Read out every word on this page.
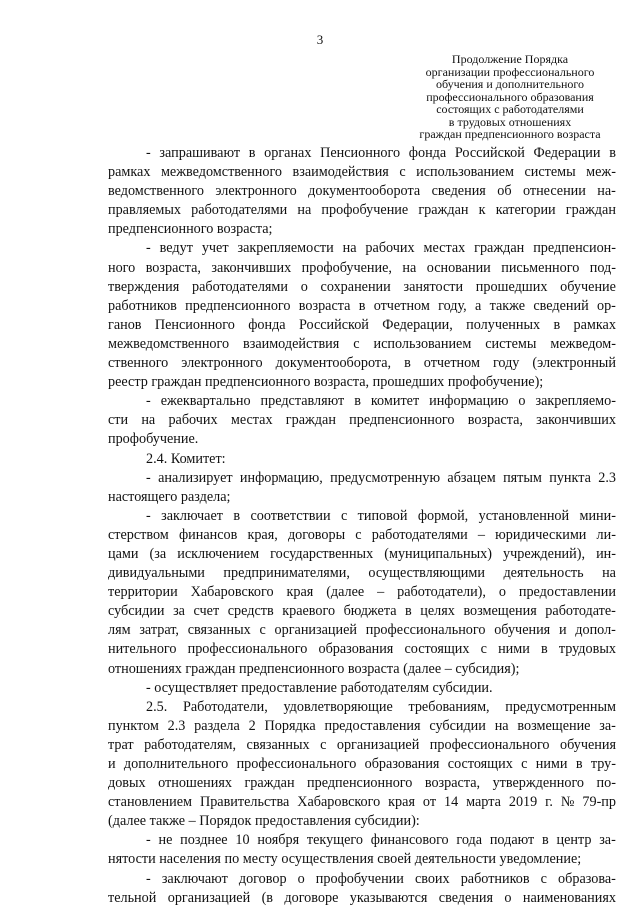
3
Продолжение Порядка
организации профессионального
обучения и дополнительного
профессионального образования
состоящих с работодателями
в трудовых отношениях
граждан предпенсионного возраста
- запрашивают в органах Пенсионного фонда Российской Федерации в
рамках межведомственного взаимодействия с использованием системы меж-
ведомственного электронного документооборота сведения об отнесении на-
правляемых работодателями на профобучение граждан к категории граждан
предпенсионного возраста;
- ведут учет закрепляемости на рабочих местах граждан предпенсион-
ного возраста, закончивших профобучение, на основании письменного под-
тверждения работодателями о сохранении занятости прошедших обучение
работников предпенсионного возраста в отчетном году, а также сведений ор-
ганов Пенсионного фонда Российской Федерации, полученных в рамках
межведомственного взаимодействия с использованием системы межведом-
ственного электронного документооборота, в отчетном году (электронный
реестр граждан предпенсионного возраста, прошедших профобучение);
- ежеквартально представляют в комитет информацию о закрепляемо-
сти на рабочих местах граждан предпенсионного возраста, закончивших
профобучение.
2.4. Комитет:
- анализирует информацию, предусмотренную абзацем пятым пункта 2.3
настоящего раздела;
- заключает в соответствии с типовой формой, установленной мини-
стерством финансов края, договоры с работодателями – юридическими ли-
цами (за исключением государственных (муниципальных) учреждений), ин-
дивидуальными предпринимателями, осуществляющими деятельность на
территории Хабаровского края (далее – работодатели), о предоставлении
субсидии за счет средств краевого бюджета в целях возмещения работодате-
лям затрат, связанных с организацией профессионального обучения и допол-
нительного профессионального образования состоящих с ними в трудовых
отношениях граждан предпенсионного возраста (далее – субсидия);
- осуществляет предоставление работодателям субсидии.
2.5. Работодатели, удовлетворяющие требованиям, предусмотренным
пунктом 2.3 раздела 2 Порядка предоставления субсидии на возмещение за-
трат работодателям, связанных с организацией профессионального обучения
и дополнительного профессионального образования состоящих с ними в тру-
довых отношениях граждан предпенсионного возраста, утвержденного по-
становлением Правительства Хабаровского края от 14 марта 2019 г. № 79-пр
(далее также – Порядок предоставления субсидии):
- не позднее 10 ноября текущего финансового года подают в центр за-
нятости населения по месту осуществления своей деятельности уведомление;
- заключают договор о профобучении своих работников с образова-
тельной организацией (в договоре указываются сведения о наименованиях
